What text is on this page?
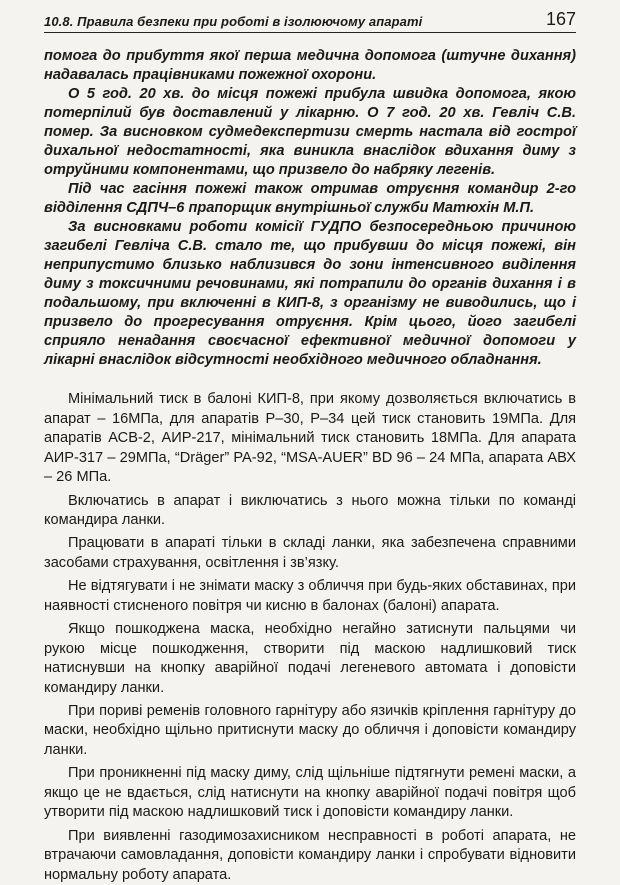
10.8. Правила безпеки при роботі в ізолюючому апараті	167

помога до прибуття якої перша медична допомога (штучне дихання) надавалась працівниками пожежної охорони.

О 5 год. 20 хв. до місця пожежі прибула швидка допомога, якою потерпілий був доставлений у лікарню. О 7 год. 20 хв. Гевліч С.В. помер. За висновком судмедекспертизи смерть настала від гострої дихальної недостатності, яка виникла внаслідок вдихання диму з отруйними компонентами, що призвело до набряку легенів.

Під час гасіння пожежі також отримав отруєння командир 2-го відділення СДПЧ–6 прапорщик внутрішньої служби Матюхін М.П.

За висновками роботи комісії ГУДПО безпосередньою причиною загибелі Гевліча С.В. стало те, що прибувши до місця пожежі, він неприпустимо близько наблизився до зони інтенсивного виділення диму з токсичними речовинами, які потрапили до органів дихання і в подальшому, при включенні в КИП-8, з організму не виводились, що і призвело до прогресування отруєння. Крім цього, його загибелі сприяло ненадання своєчасної ефективної медичної допомоги у лікарні внаслідок відсутності необхідного медичного обладнання.

Мінімальний тиск в балоні КИП-8, при якому дозволяється включатись в апарат – 16МПа, для апаратів Р–30, Р–34 цей тиск становить 19МПа. Для апаратів АСВ-2, АИР-217, мінімальний тиск становить 18МПа. Для апарата АИР-317 – 29МПа, “Dräger” PA-92, “MSA-AUER” BD 96 – 24 МПа, апарата АВХ – 26 МПа.

Включатись в апарат і виключатись з нього можна тільки по команді командира ланки.

Працювати в апараті тільки в складі ланки, яка забезпечена справними засобами страхування, освітлення і зв’язку.

Не відтягувати і не знімати маску з обличчя при будь-яких обставинах, при наявності стисненого повітря чи кисню в балонах (балоні) апарата.

Якщо пошкоджена маска, необхідно негайно затиснути пальцями чи рукою місце пошкодження, створити під маскою надлишковий тиск натиснувши на кнопку аварійної подачі легеневого автомата і доповісти командиру ланки.

При пориві ременів головного гарнітуру або язичків кріплення гарнітуру до маски, необхідно щільно притиснути маску до обличчя і доповісти командиру ланки.

При проникненні під маску диму, слід щільніше підтягнути ремені маски, а якщо це не вдається, слід натиснути на кнопку аварійної подачі повітря щоб утворити під маскою надлишковий тиск і доповісти командиру ланки.

При виявленні газодимозахисником несправності в роботі апарата, не втрачаючи самовладання, доповісти командиру ланки і спробувати відновити нормальну роботу апарата.
